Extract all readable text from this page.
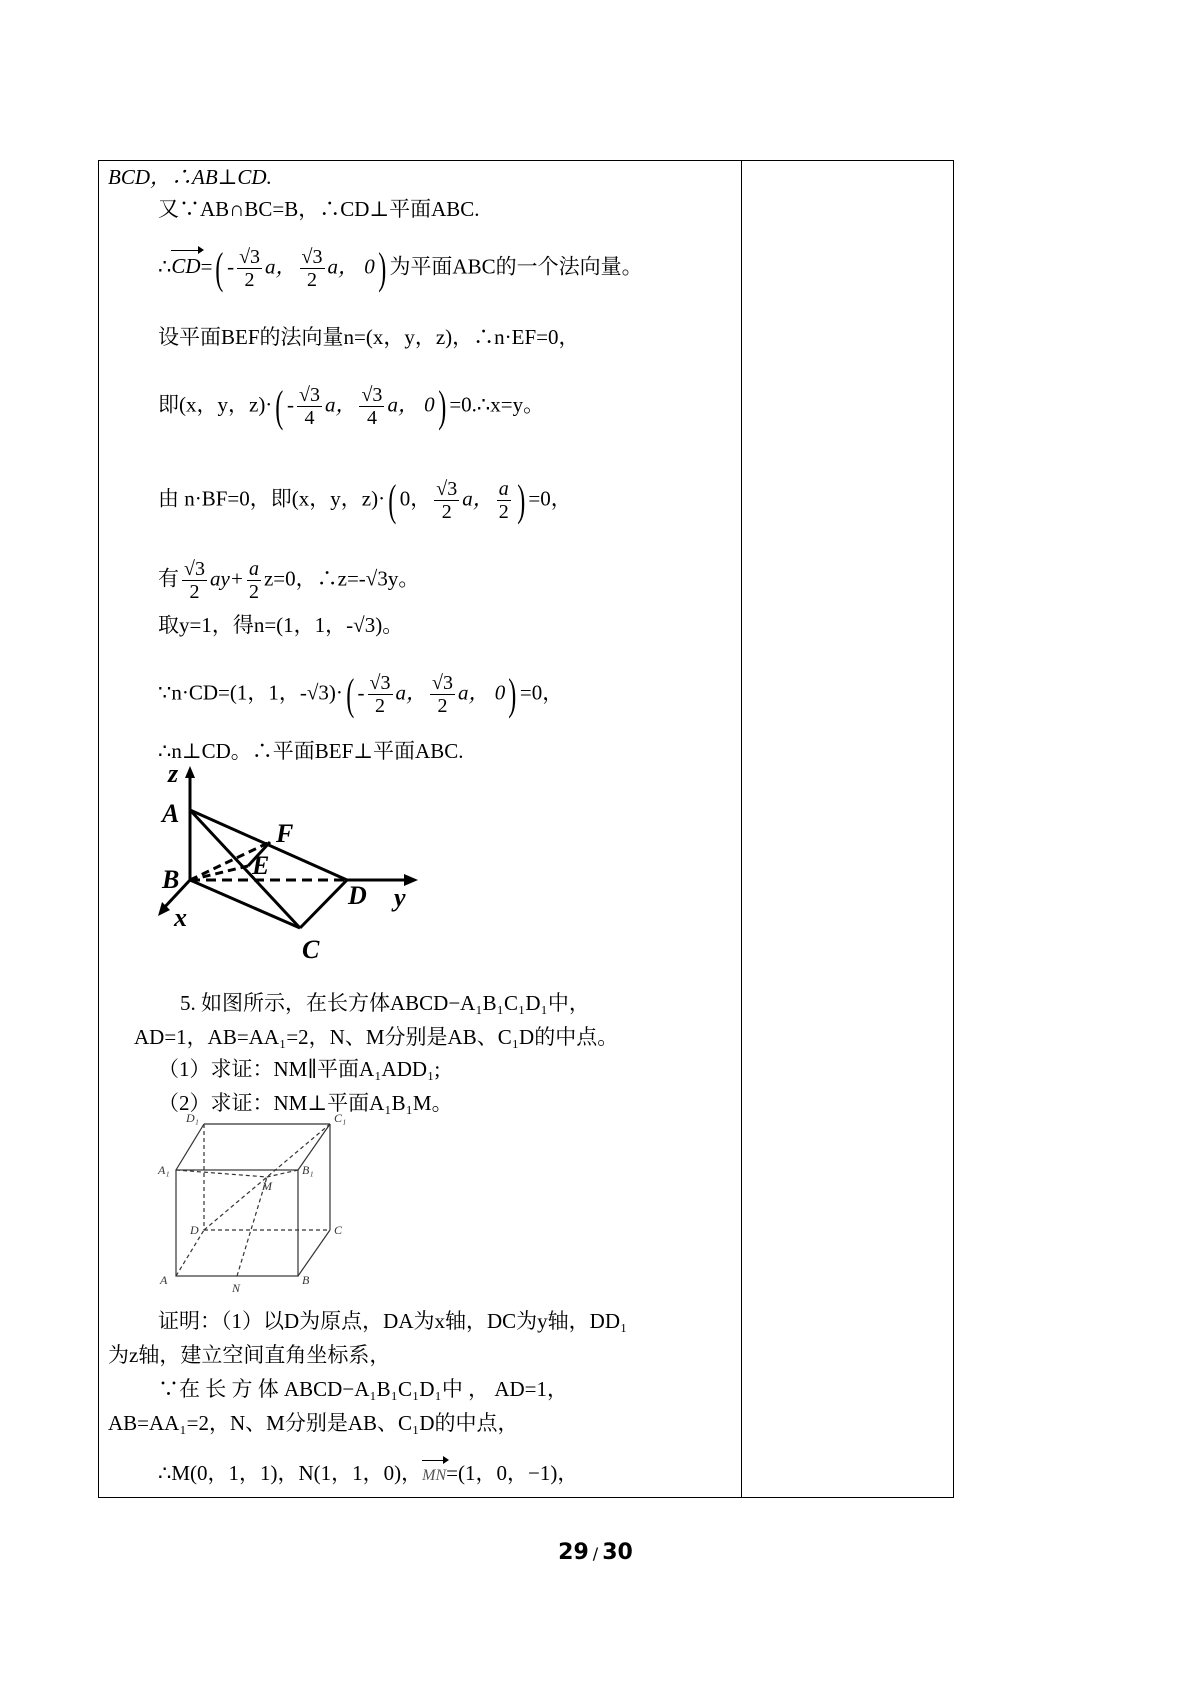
BCD，∴AB⊥CD.
又∵AB∩BC=B，∴CD⊥平面ABC.
∴CD=( - $\frac{√3}{2}$ a， $\frac{√3}{2}$ a， 0) 为平面ABC的一个法向量。
设平面BEF的法向量n=(x，y，z)，∴n·EF=0，
即(x，y，$z)\cdot( - \frac{√3}{4}$ a， $\frac{√3}{4}$ a， 0) =0.∴x=y。
由 n·BF=0，即(x，y，z)·( 0， $\frac{√3}{2}$ a， $\frac{a}{2}$ ) =0，
有 $\frac{√3}{2} ay+ \frac{a}{2} z=0$，∴z=-√3y。
取y=1，得n=(1，1，-√3)。
∵n·CD=(1，1，$-√3)\cdot( - \frac{√3}{2}$ a， $\frac{√3}{2}$ a， 0) =0，
∴n⊥CD。∴平面BEF⊥平面ABC.
z
A
F
B	E
D y
x
C
5. 如图所示，在长方体ABCD−A₁B₁C₁D₁中，
AD=1，AB=AA₁=2，N、M分别是AB、C₁D的中点。
（1）求证：NM∥平面A₁ADD₁;
（2）求证：NM⊥平面A₁B₁M。
D₁	C₁
A₁	B₁
M
D	C
A
N
B
证明：（1）以D为原点，DA为x轴，DC为y轴，DD₁
为z轴，建立空间直角坐标系，
∵在 长 方 体 ABCD−A₁B₁C₁D₁中 ， AD=1，
AB=AA₁=2，N、M分别是AB、C₁D的中点，
∴M(0，1，1)，N(1，1，0)，MN=(1，0，−1)，
29 / 30
